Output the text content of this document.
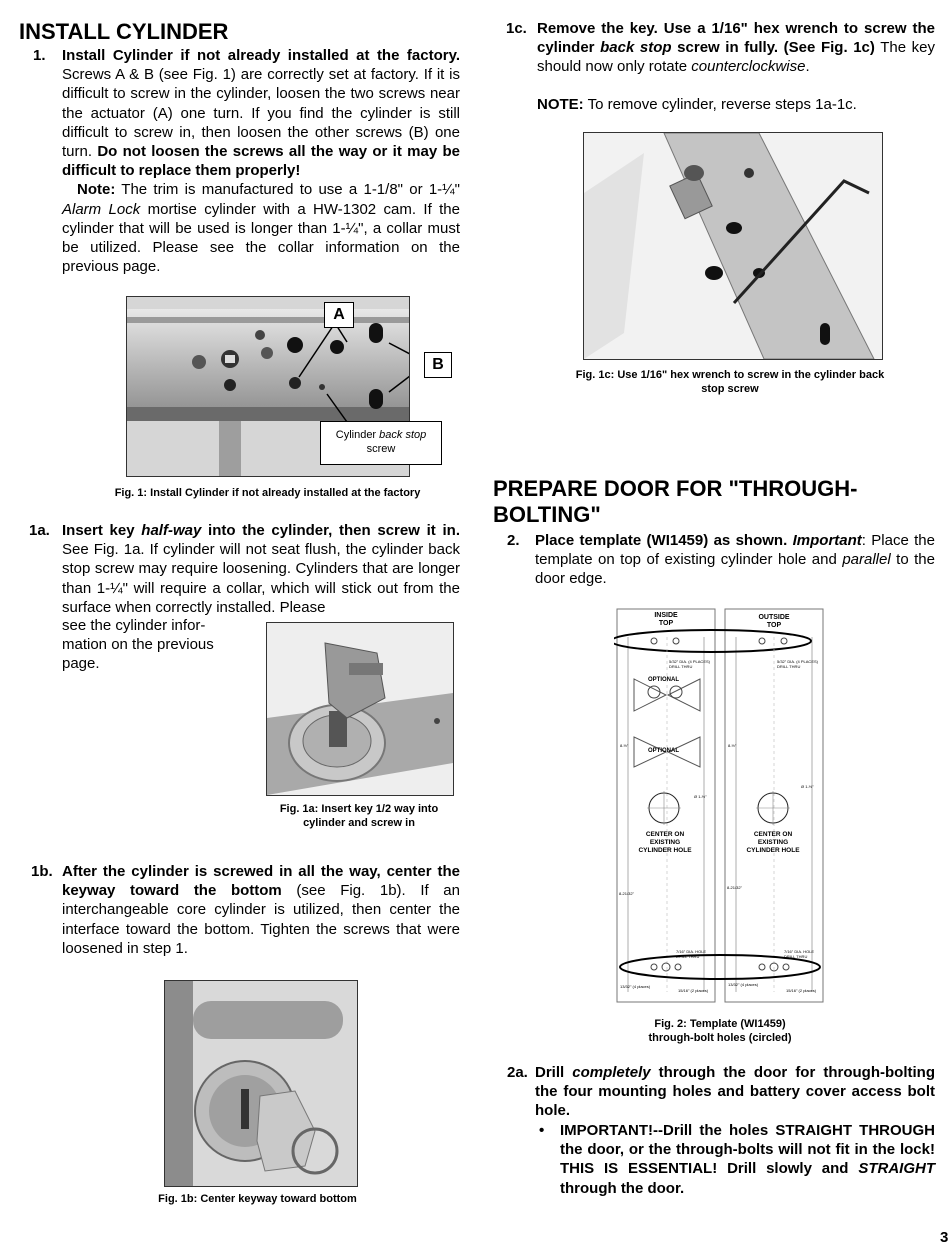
INSTALL CYLINDER
1. Install Cylinder if not already installed at the factory. Screws A & B (see Fig. 1) are correctly set at factory. If it is difficult to screw in the cylinder, loosen the two screws near the actuator (A) one turn. If you find the cylinder is still difficult to screw in, then loosen the other screws (B) one turn. Do not loosen the screws all the way or it may be difficult to replace them properly!
Note: The trim is manufactured to use a 1-1/8" or 1-¼" Alarm Lock mortise cylinder with a HW-1302 cam. If the cylinder that will be used is longer than 1-¼", a collar must be utilized. Please see the collar information on the previous page.
A
B
Cylinder back stop
screw
Fig. 1: Install Cylinder if not already installed at the factory
1a. Insert key half-way into the cylinder, then screw it in. See Fig. 1a. If cylinder will not seat flush, the cylinder back stop screw may require loosening. Cylinders that are longer than 1-¼" will require a collar, which will stick out from the surface when correctly installed. Please
see the cylinder infor-
mation on the previous
page.
Fig. 1a: Insert key 1/2 way into
cylinder and screw in
1b. After the cylinder is screwed in all the way, center the keyway toward the bottom (see Fig. 1b). If an interchangeable core cylinder is utilized, then center the interface toward the bottom. Tighten the screws that were loosened in step 1.
Fig. 1b: Center keyway toward bottom
1c. Remove the key. Use a 1/16" hex wrench to screw the cylinder back stop screw in fully. (See Fig. 1c) The key should now only rotate counterclockwise.
NOTE: To remove cylinder, reverse steps 1a-1c.
Fig. 1c: Use 1/16" hex wrench to screw in the cylinder back
stop screw
PREPARE DOOR FOR "THROUGH-
BOLTING"
2. Place template (WI1459) as shown. Important: Place the template on top of existing cylinder hole and parallel to the door edge.
INSIDE
TOP
OUTSIDE
TOP
5/32" DIA. (4 PLACES) DRILL THRU
5/32" DIA. (4 PLACES) DRILL THRU
OPTIONAL
OPTIONAL
8-½"	8-½"
Ø 1-½"
Ø 1-½"
CENTER ON
EXISTING
CYLINDER HOLE
CENTER ON
EXISTING
CYLINDER HOLE
8-21/32"
8-21/32"
7/16" DIA. HOLE DRILL THRU
7/16" DIA. HOLE DRILL THRU
13/32" (4 places)
15/16" (2 places)
13/32" (4 places)
15/16" (2 places)
Fig. 2: Template (WI1459)
through-bolt holes (circled)
2a. Drill completely through the door for through-bolting the four mounting holes and battery cover access bolt hole.
• IMPORTANT!--Drill the holes STRAIGHT THROUGH the door, or the through-bolts will not fit in the lock! THIS IS ESSENTIAL! Drill slowly and STRAIGHT through the door.
3
